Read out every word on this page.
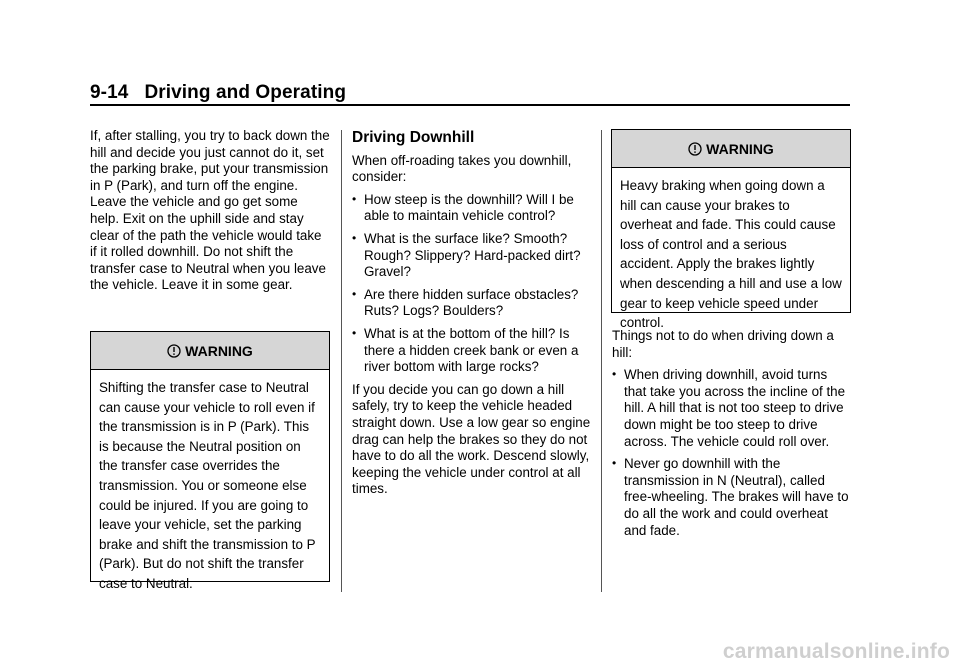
9-14 Driving and Operating

If, after stalling, you try to back down the hill and decide you just cannot do it, set the parking brake, put your transmission in P (Park), and turn off the engine. Leave the vehicle and go get some help. Exit on the uphill side and stay clear of the path the vehicle would take if it rolled downhill. Do not shift the transfer case to Neutral when you leave the vehicle. Leave it in some gear.

WARNING
Shifting the transfer case to Neutral can cause your vehicle to roll even if the transmission is in P (Park). This is because the Neutral position on the transfer case overrides the transmission. You or someone else could be injured. If you are going to leave your vehicle, set the parking brake and shift the transmission to P (Park). But do not shift the transfer case to Neutral.
Driving Downhill

When off-roading takes you downhill, consider:

• How steep is the downhill? Will I be able to maintain vehicle control?
• What is the surface like? Smooth? Rough? Slippery? Hard-packed dirt? Gravel?
• Are there hidden surface obstacles? Ruts? Logs? Boulders?
• What is at the bottom of the hill? Is there a hidden creek bank or even a river bottom with large rocks?

If you decide you can go down a hill safely, try to keep the vehicle headed straight down. Use a low gear so engine drag can help the brakes so they do not have to do all the work. Descend slowly, keeping the vehicle under control at all times.

WARNING
Heavy braking when going down a hill can cause your brakes to overheat and fade. This could cause loss of control and a serious accident. Apply the brakes lightly when descending a hill and use a low gear to keep vehicle speed under control.

Things not to do when driving down a hill:

• When driving downhill, avoid turns that take you across the incline of the hill. A hill that is not too steep to drive down might be too steep to drive across. The vehicle could roll over.
• Never go downhill with the transmission in N (Neutral), called free-wheeling. The brakes will have to do all the work and could overheat and fade.
carmanualsonline.info
